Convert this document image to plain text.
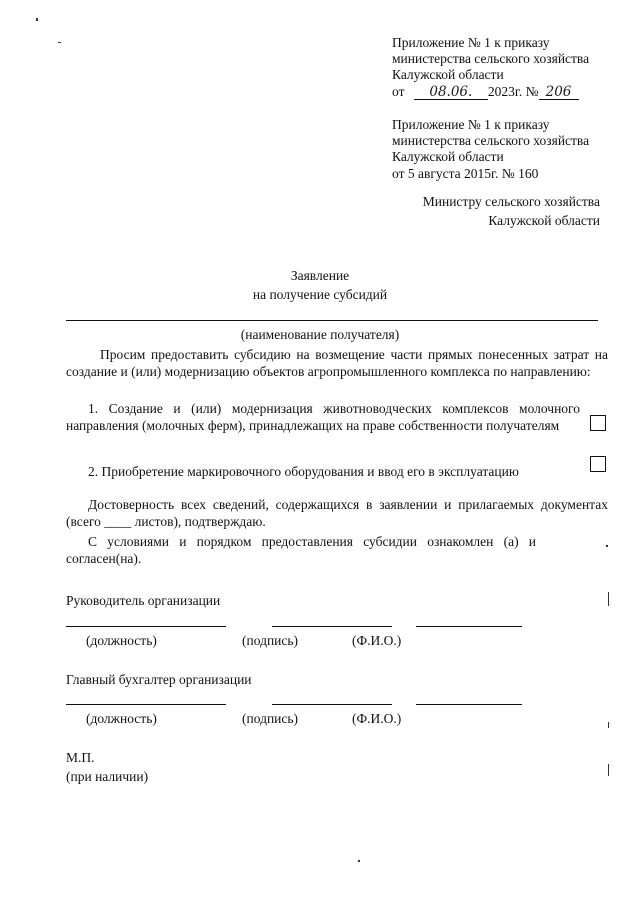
Приложение № 1 к приказу

министерства сельского хозяйства

Калужской области

от 08.06. 2023г. № 206

Приложение № 1 к приказу

министерства сельского хозяйства

Калужской области

от 5 августа 2015г. № 160

Министру сельского хозяйства

Калужской области

Заявление

на получение субсидий

(наименование получателя)

Просим предоставить субсидию на возмещение части прямых понесенных затрат на создание и (или) модернизацию объектов агропромышленного комплекса по направлению:

1. Создание и (или) модернизация животноводческих комплексов молочного направления (молочных ферм), принадлежащих на праве собственности получателям

2. Приобретение маркировочного оборудования и ввод его в эксплуатацию

Достоверность всех сведений, содержащихся в заявлении и прилагаемых документах (всего ____ листов), подтверждаю.

С условиями и порядком предоставления субсидии ознакомлен (а) и согласен(на).

Руководитель организации

(должность)	(подпись)	(Ф.И.О.)

Главный бухгалтер организации

(должность)	(подпись)	(Ф.И.О.)

М.П.

(при наличии)
